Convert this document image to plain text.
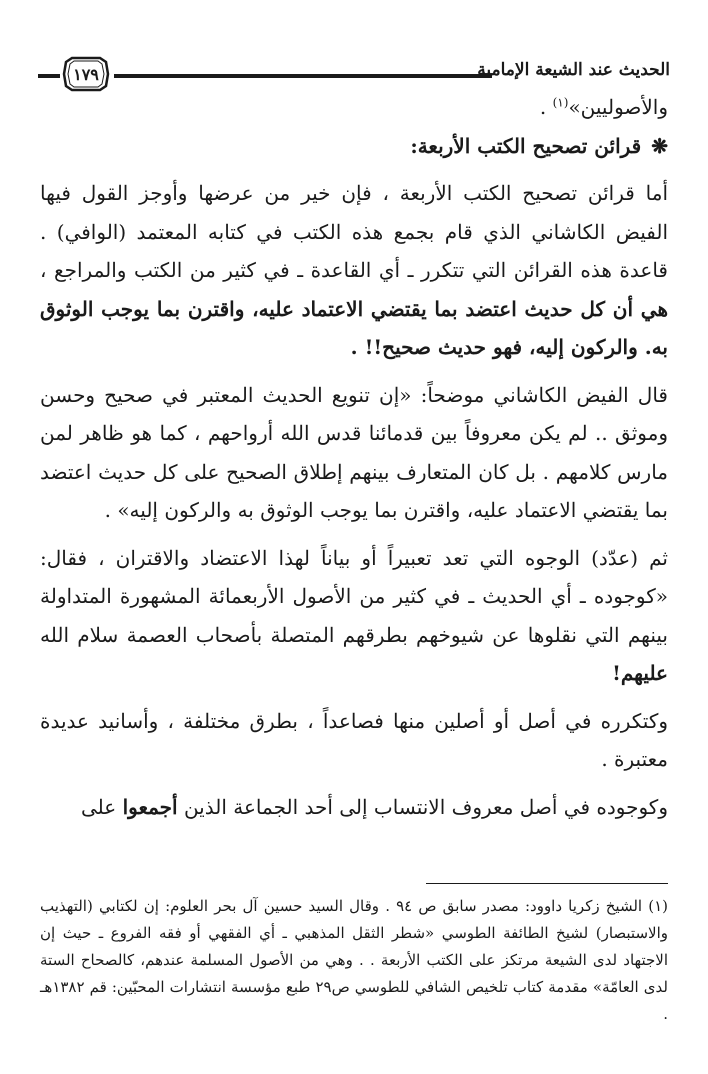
الحديث عند الشيعة الإمامية
١٧٩

والأصوليين»$^{(١)}$ .

❋قرائن تصحيح الكتب الأربعة:

أما قرائن تصحيح الكتب الأربعة ، فإن خير من عرضها وأوجز القول فيها الفيض الكاشاني الذي قام بجمع هذه الكتب في كتابه المعتمد (الوافي) . قاعدة هذه القرائن التي تتكرر ـ أي القاعدة ـ في كثير من الكتب والمراجع ، هي أن كل حديث اعتضد بما يقتضي الاعتماد عليه، واقترن بما يوجب الوثوق به. والركون إليه، فهو حديث صحيح!! .

قال الفيض الكاشاني موضحاً: «إن تنويع الحديث المعتبر في صحيح وحسن وموثق .. لم يكن معروفاً بين قدمائنا قدس الله أرواحهم ، كما هو ظاهر لمن مارس كلامهم . بل كان المتعارف بينهم إطلاق الصحيح على كل حديث اعتضد بما يقتضي الاعتماد عليه، واقترن بما يوجب الوثوق به والركون إليه» .

ثم (عدّد) الوجوه التي تعد تعبيراً أو بياناً لهذا الاعتضاد والاقتران ، فقال: «كوجوده ـ أي الحديث ـ في كثير من الأصول الأربعمائة المشهورة المتداولة بينهم التي نقلوها عن شيوخهم بطرقهم المتصلة بأصحاب العصمة سلام الله عليهم!

وكتكرره في أصل أو أصلين منها فصاعداً ، بطرق مختلفة ، وأسانيد عديدة معتبرة .

وكوجوده في أصل معروف الانتساب إلى أحد الجماعة الذين أجمعوا على

(١) الشيخ زكريا داوود: مصدر سابق ص ٩٤ . وقال السيد حسين آل بحر العلوم: إن لكتابي (التهذيب والاستبصار) لشيخ الطائفة الطوسي «شطر الثقل المذهبي ـ أي الفقهي أو فقه الفروع ـ حيث إن الاجتهاد لدى الشيعة مرتكز على الكتب الأربعة . . وهي من الأصول المسلمة عندهم، كالصحاح الستة لدى العامّة» مقدمة كتاب تلخيص الشافي للطوسي ص٢٩ طبع مؤسسة انتشارات المحبّين: قم ١٣٨٢هـ .
